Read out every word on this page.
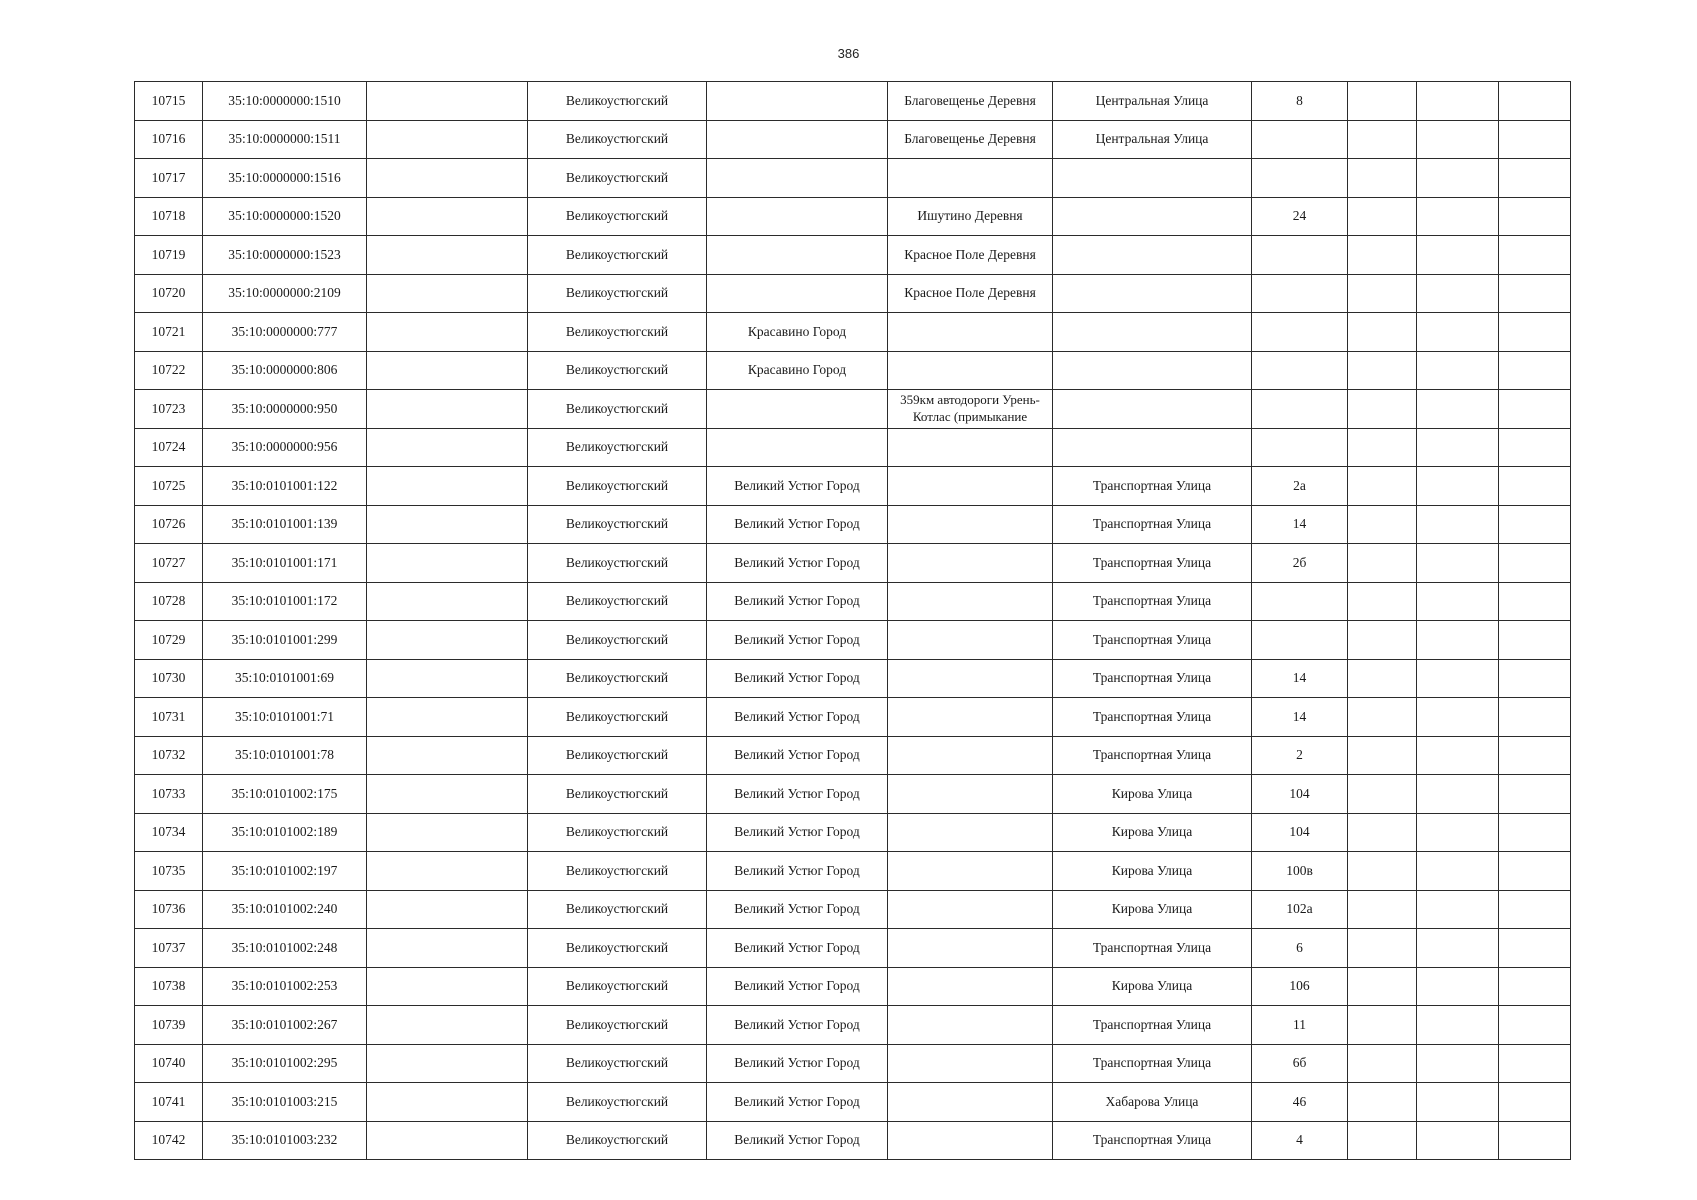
386
10715	35:10:0000000:1510		Великоустюгский		Благовещенье Деревня	Центральная Улица	8			
10716	35:10:0000000:1511		Великоустюгский		Благовещенье Деревня	Центральная Улица				
10717	35:10:0000000:1516		Великоустюгский							
10718	35:10:0000000:1520		Великоустюгский		Ишутино Деревня		24			
10719	35:10:0000000:1523		Великоустюгский		Красное Поле Деревня					
10720	35:10:0000000:2109		Великоустюгский		Красное Поле Деревня					
10721	35:10:0000000:777		Великоустюгский	Красавино Город						
10722	35:10:0000000:806		Великоустюгский	Красавино Город						
10723	35:10:0000000:950		Великоустюгский		359км автодороги Урень-Котлас (примыкание					
10724	35:10:0000000:956		Великоустюгский							
10725	35:10:0101001:122		Великоустюгский	Великий Устюг Город		Транспортная Улица	2а			
10726	35:10:0101001:139		Великоустюгский	Великий Устюг Город		Транспортная Улица	14			
10727	35:10:0101001:171		Великоустюгский	Великий Устюг Город		Транспортная Улица	2б			
10728	35:10:0101001:172		Великоустюгский	Великий Устюг Город		Транспортная Улица				
10729	35:10:0101001:299		Великоустюгский	Великий Устюг Город		Транспортная Улица				
10730	35:10:0101001:69		Великоустюгский	Великий Устюг Город		Транспортная Улица	14			
10731	35:10:0101001:71		Великоустюгский	Великий Устюг Город		Транспортная Улица	14			
10732	35:10:0101001:78		Великоустюгский	Великий Устюг Город		Транспортная Улица	2			
10733	35:10:0101002:175		Великоустюгский	Великий Устюг Город		Кирова Улица	104			
10734	35:10:0101002:189		Великоустюгский	Великий Устюг Город		Кирова Улица	104			
10735	35:10:0101002:197		Великоустюгский	Великий Устюг Город		Кирова Улица	100в			
10736	35:10:0101002:240		Великоустюгский	Великий Устюг Город		Кирова Улица	102а			
10737	35:10:0101002:248		Великоустюгский	Великий Устюг Город		Транспортная Улица	6			
10738	35:10:0101002:253		Великоустюгский	Великий Устюг Город		Кирова Улица	106			
10739	35:10:0101002:267		Великоустюгский	Великий Устюг Город		Транспортная Улица	11			
10740	35:10:0101002:295		Великоустюгский	Великий Устюг Город		Транспортная Улица	6б			
10741	35:10:0101003:215		Великоустюгский	Великий Устюг Город		Хабарова Улица	46			
10742	35:10:0101003:232		Великоустюгский	Великий Устюг Город		Транспортная Улица	4			
